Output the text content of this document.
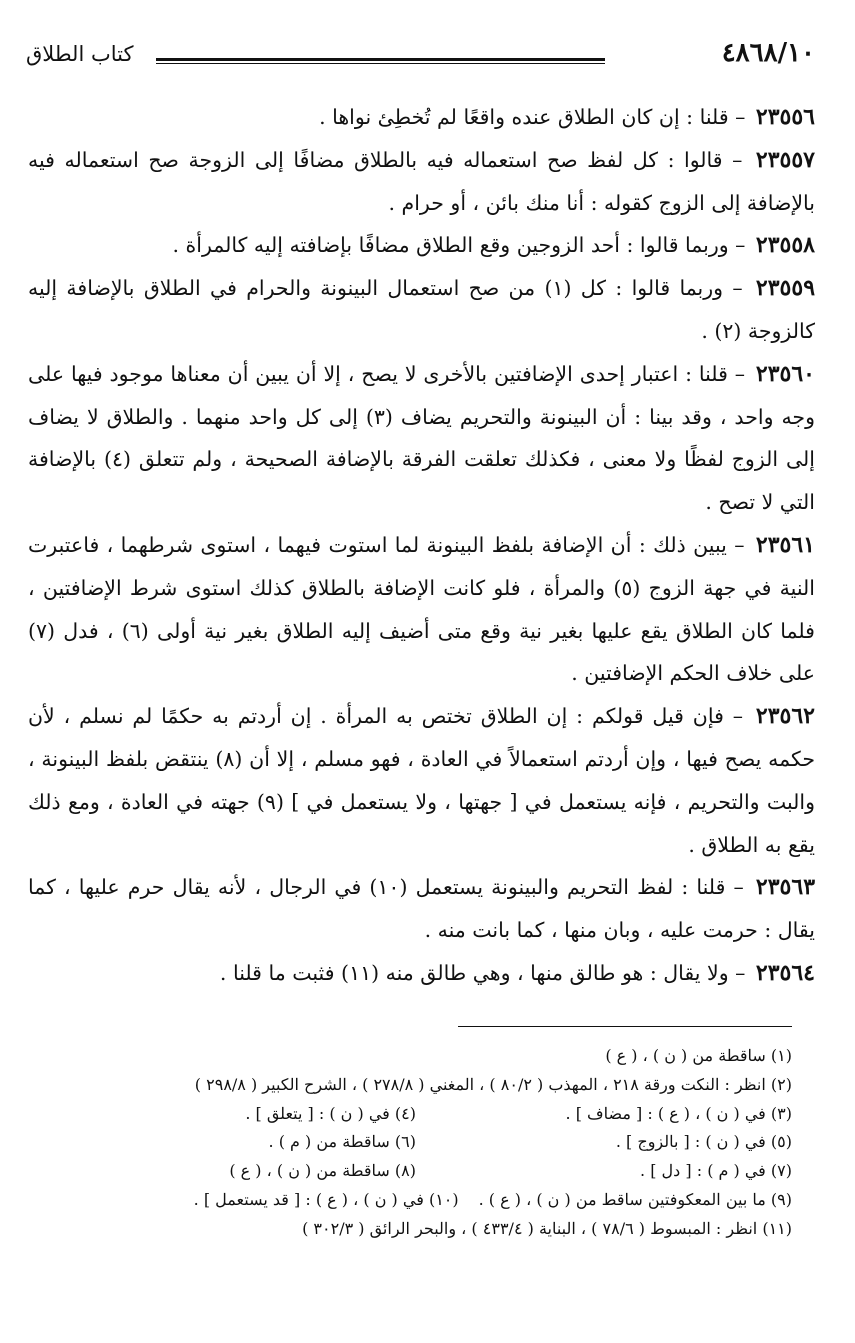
٤٨٦٨/١٠
كتاب الطلاق

٢٣٥٥٦ – قلنا : إن كان الطلاق عنده واقعًا لم تُخطِئ نواها .

٢٣٥٥٧ – قالوا : كل لفظ صح استعماله فيه بالطلاق مضافًا إلى الزوجة صح استعماله فيه بالإضافة إلى الزوج كقوله : أنا منك بائن ، أو حرام .

٢٣٥٥٨ – وربما قالوا : أحد الزوجين وقع الطلاق مضافًا بإضافته إليه كالمرأة .

٢٣٥٥٩ – وربما قالوا : كل (١) من صح استعمال البينونة والحرام في الطلاق بالإضافة إليه كالزوجة (٢) .

٢٣٥٦٠ – قلنا : اعتبار إحدى الإضافتين بالأخرى لا يصح ، إلا أن يبين أن معناها موجود فيها على وجه واحد ، وقد بينا : أن البينونة والتحريم يضاف (٣) إلى كل واحد منهما . والطلاق لا يضاف إلى الزوج لفظًا ولا معنى ، فكذلك تعلقت الفرقة بالإضافة الصحيحة ، ولم تتعلق (٤) بالإضافة التي لا تصح .

٢٣٥٦١ – يبين ذلك : أن الإضافة بلفظ البينونة لما استوت فيهما ، استوى شرطهما ، فاعتبرت النية في جهة الزوج (٥) والمرأة ، فلو كانت الإضافة بالطلاق كذلك استوى شرط الإضافتين ، فلما كان الطلاق يقع عليها بغير نية وقع متى أضيف إليه الطلاق بغير نية أولى (٦) ، فدل (٧) على خلاف الحكم الإضافتين .

٢٣٥٦٢ – فإن قيل قولكم : إن الطلاق تختص به المرأة . إن أردتم به حكمًا لم نسلم ، لأن حكمه يصح فيها ، وإن أردتم استعمالاً في العادة ، فهو مسلم ، إلا أن (٨) ينتقض بلفظ البينونة ، والبت والتحريم ، فإنه يستعمل في [ جهتها ، ولا يستعمل في ] (٩) جهته في العادة ، ومع ذلك يقع به الطلاق .

٢٣٥٦٣ – قلنا : لفظ التحريم والبينونة يستعمل (١٠) في الرجال ، لأنه يقال حرم عليها ، كما يقال : حرمت عليه ، وبان منها ، كما بانت منه .

٢٣٥٦٤ – ولا يقال : هو طالق منها ، وهي طالق منه (١١) فثبت ما قلنا .

(١) ساقطة من ( ن ) ، ( ع )

(٢) انظر : النكت ورقة ٢١٨ ، المهذب ( ٨٠/٢ ) ، المغني ( ٢٧٨/٨ ) ، الشرح الكبير ( ٢٩٨/٨ )

(٣) في ( ن ) ، ( ع ) : [ مضاف ] .

(٤) في ( ن ) : [ يتعلق ] .

(٥) في ( ن ) : [ بالزوج ] .

(٦) ساقطة من ( م ) .

(٧) في ( م ) : [ دل ] .

(٨) ساقطة من ( ن ) ، ( ع )

(٩) ما بين المعكوفتين ساقط من ( ن ) ، ( ع ) .

(١٠) في ( ن ) ، ( ع ) : [ قد يستعمل ] .

(١١) انظر : المبسوط ( ٧٨/٦ ) ، البناية ( ٤٣٣/٤ ) ، والبحر الرائق ( ٣٠٢/٣ )
